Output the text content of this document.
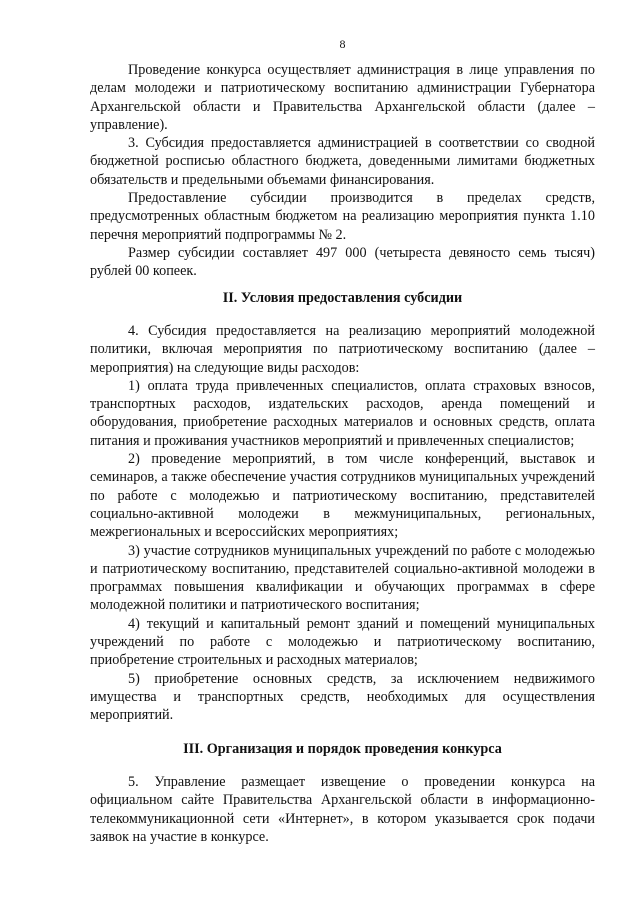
8

Проведение конкурса осуществляет администрация в лице управления по делам молодежи и патриотическому воспитанию администрации Губернатора Архангельской области и Правительства Архангельской области (далее – управление).

3. Субсидия предоставляется администрацией в соответствии со сводной бюджетной росписью областного бюджета, доведенными лимитами бюджетных обязательств и предельными объемами финансирования.

Предоставление субсидии производится в пределах средств, предусмотренных областным бюджетом на реализацию мероприятия пункта 1.10 перечня мероприятий подпрограммы № 2.

Размер субсидии составляет 497 000 (четыреста девяносто семь тысяч) рублей 00 копеек.

II. Условия предоставления субсидии

4. Субсидия предоставляется на реализацию мероприятий молодежной политики, включая мероприятия по патриотическому воспитанию (далее – мероприятия) на следующие виды расходов:

1) оплата труда привлеченных специалистов, оплата страховых взносов, транспортных расходов, издательских расходов, аренда помещений и оборудования, приобретение расходных материалов и основных средств, оплата питания и проживания участников мероприятий и привлеченных специалистов;

2) проведение мероприятий, в том числе конференций, выставок и семинаров, а также обеспечение участия сотрудников муниципальных учреждений по работе с молодежью и патриотическому воспитанию, представителей социально-активной молодежи в межмуниципальных, региональных, межрегиональных и всероссийских мероприятиях;

3) участие сотрудников муниципальных учреждений по работе с молодежью и патриотическому воспитанию, представителей социально-активной молодежи в программах повышения квалификации и обучающих программах в сфере молодежной политики и патриотического воспитания;

4) текущий и капитальный ремонт зданий и помещений муниципальных учреждений по работе с молодежью и патриотическому воспитанию, приобретение строительных и расходных материалов;

5) приобретение основных средств, за исключением недвижимого имущества и транспортных средств, необходимых для осуществления мероприятий.

III. Организация и порядок проведения конкурса

5. Управление размещает извещение о проведении конкурса на официальном сайте Правительства Архангельской области в информационно-телекоммуникационной сети «Интернет», в котором указывается срок подачи заявок на участие в конкурсе.
